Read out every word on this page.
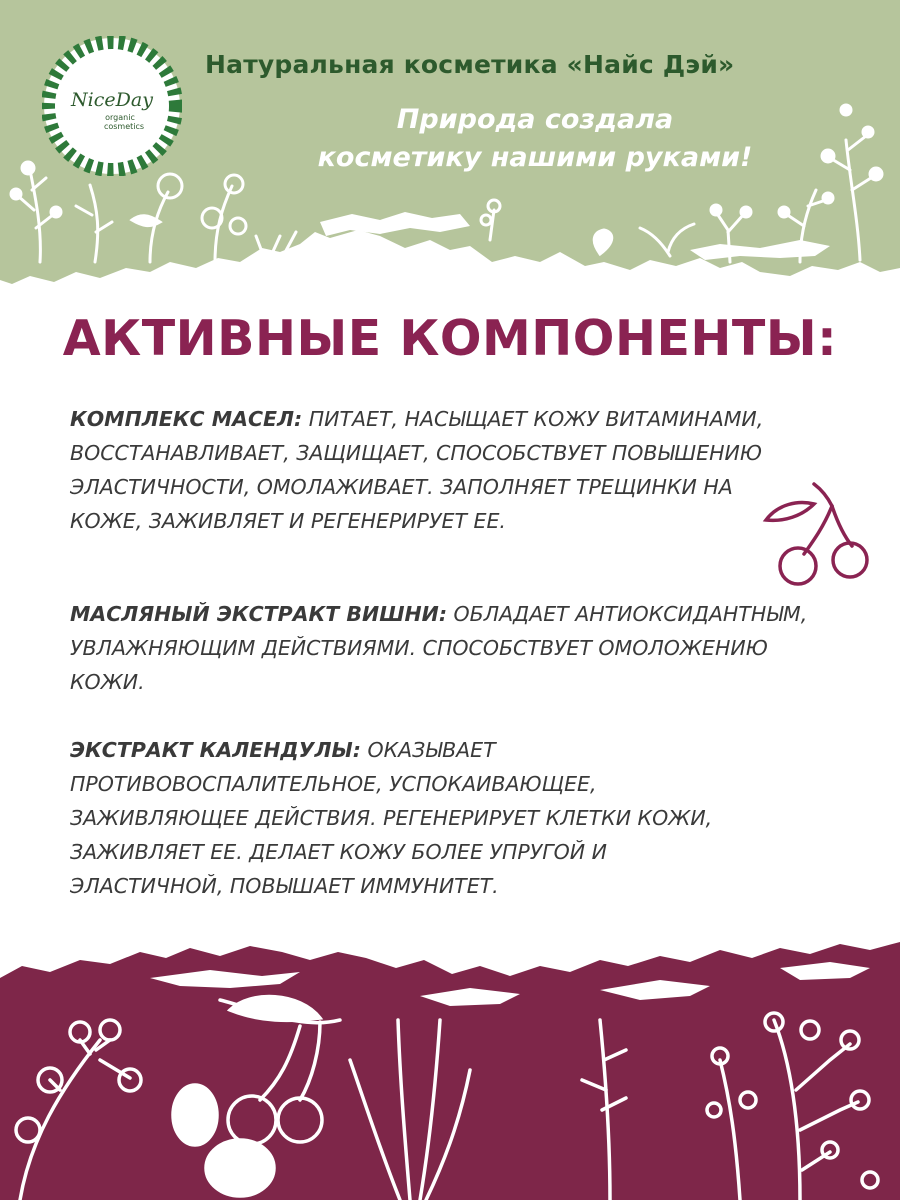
NiceDay
organic
cosmetics
Натуральная косметика «Найс Дэй»
Природа создала
косметику нашими руками!
АКТИВНЫЕ КОМПОНЕНТЫ:
КОМПЛЕКС МАСЕЛ: ПИТАЕТ, НАСЫЩАЕТ КОЖУ ВИТАМИНАМИ,
ВОССТАНАВЛИВАЕТ, ЗАЩИЩАЕТ, СПОСОБСТВУЕТ ПОВЫШЕНИЮ
ЭЛАСТИЧНОСТИ, ОМОЛАЖИВАЕТ. ЗАПОЛНЯЕТ ТРЕЩИНКИ НА
КОЖЕ, ЗАЖИВЛЯЕТ И РЕГЕНЕРИРУЕТ ЕЕ.
МАСЛЯНЫЙ ЭКСТРАКТ ВИШНИ: ОБЛАДАЕТ АНТИОКСИДАНТНЫМ,
УВЛАЖНЯЮЩИМ ДЕЙСТВИЯМИ. СПОСОБСТВУЕТ ОМОЛОЖЕНИЮ
КОЖИ.
ЭКСТРАКТ КАЛЕНДУЛЫ: ОКАЗЫВАЕТ
ПРОТИВОВОСПАЛИТЕЛЬНОЕ, УСПОКАИВАЮЩЕЕ,
ЗАЖИВЛЯЮЩЕЕ ДЕЙСТВИЯ. РЕГЕНЕРИРУЕТ КЛЕТКИ КОЖИ,
ЗАЖИВЛЯЕТ ЕЕ. ДЕЛАЕТ КОЖУ БОЛЕЕ УПРУГОЙ И
ЭЛАСТИЧНОЙ, ПОВЫШАЕТ ИММУНИТЕТ.
